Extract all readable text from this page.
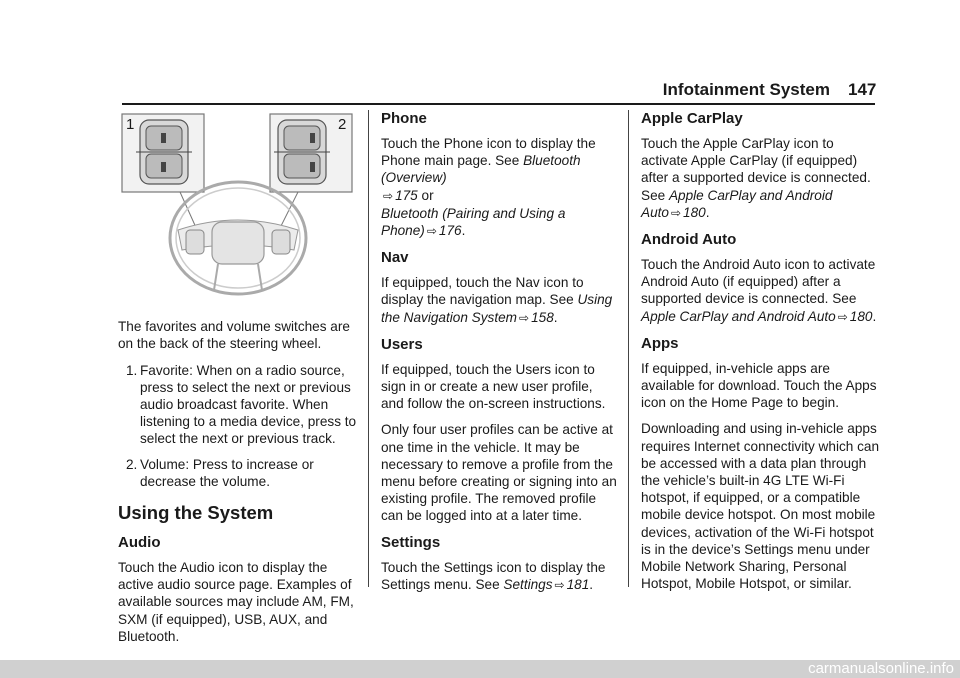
Infotainment System 147
1	2

The favorites and volume switches are on the back of the steering wheel.

1. Favorite: When on a radio source, press to select the next or previous audio broadcast favorite. When listening to a media device, press to select the next or previous track.
2. Volume: Press to increase or decrease the volume.
Using the System
Audio

Touch the Audio icon to display the active audio source page. Examples of available sources may include AM, FM, SXM (if equipped), USB, AUX, and Bluetooth.

Phone

Touch the Phone icon to display the Phone main page. See Bluetooth (Overview)
⇨ 175 or
Bluetooth (Pairing and Using a Phone) ⇨ 176.

Nav

If equipped, touch the Nav icon to display the navigation map. See Using the Navigation System ⇨ 158.

Users

If equipped, touch the Users icon to sign in or create a new user profile, and follow the on-screen instructions.

Only four user profiles can be active at one time in the vehicle. It may be necessary to remove a profile from the menu before creating or signing into an existing profile. The removed profile can be logged into at a later time.

Settings

Touch the Settings icon to display the Settings menu. See Settings ⇨ 181.

Apple CarPlay

Touch the Apple CarPlay icon to activate Apple CarPlay (if equipped) after a supported device is connected. See Apple CarPlay and Android Auto ⇨ 180.

Android Auto

Touch the Android Auto icon to activate Android Auto (if equipped) after a supported device is connected. See Apple CarPlay and Android Auto ⇨ 180.

Apps

If equipped, in-vehicle apps are available for download. Touch the Apps icon on the Home Page to begin.

Downloading and using in-vehicle apps requires Internet connectivity which can be accessed with a data plan through the vehicle’s built-in 4G LTE Wi-Fi hotspot, if equipped, or a compatible mobile device hotspot. On most mobile devices, activation of the Wi-Fi hotspot is in the device’s Settings menu under Mobile Network Sharing, Personal Hotspot, Mobile Hotspot, or similar.

carmanualsonline.info
